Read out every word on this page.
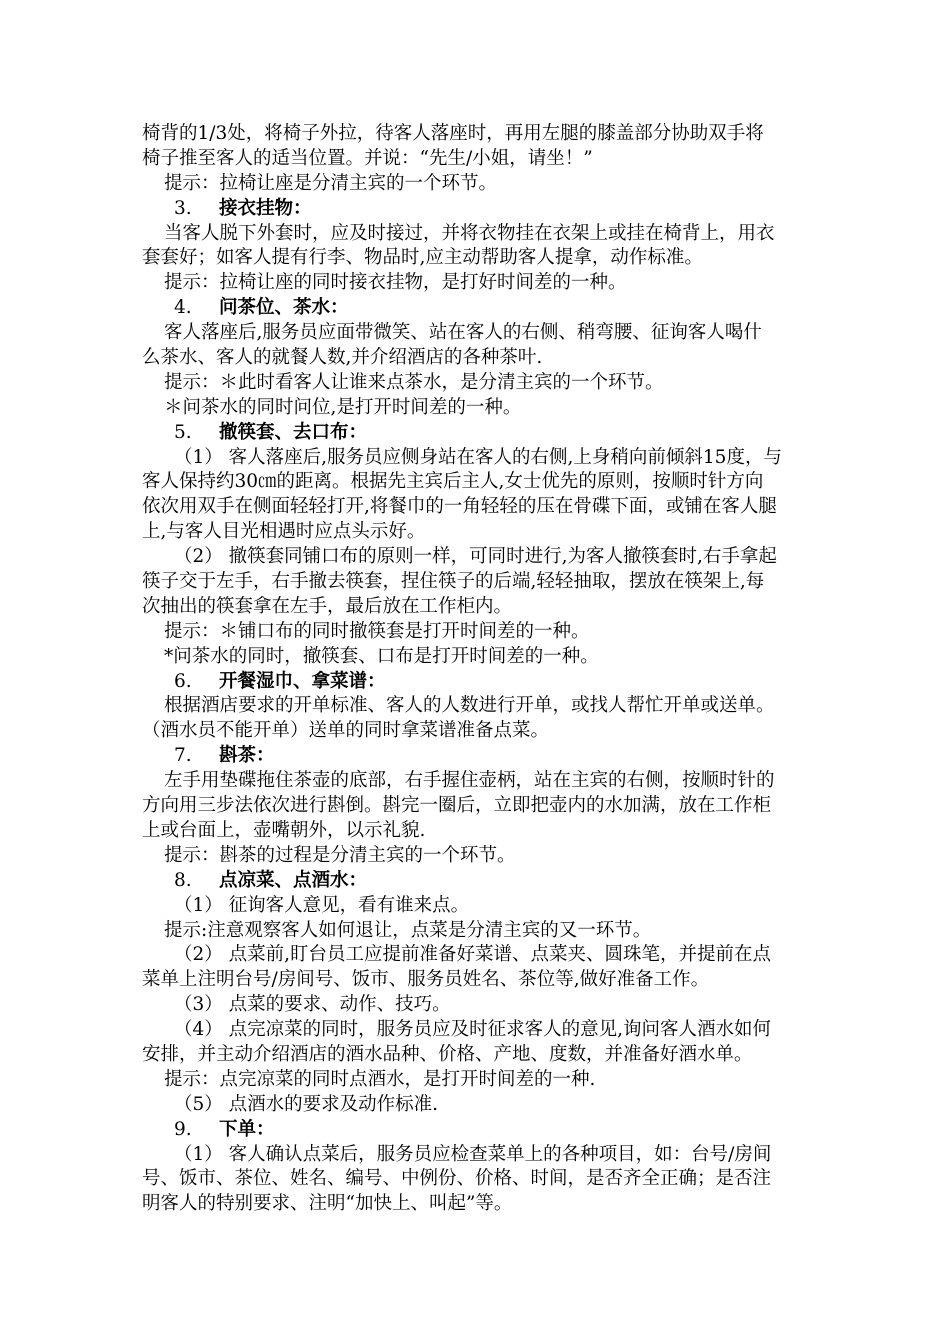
椅背的1/3处，将椅子外拉，待客人落座时，再用左腿的膝盖部分协助双手将
椅子推至客人的适当位置。并说：“先生/小姐，请坐！”
提示：拉椅让座是分清主宾的一个环节。
3. 接衣挂物：
当客人脱下外套时，应及时接过，并将衣物挂在衣架上或挂在椅背上，用衣
套套好；如客人提有行李、物品时,应主动帮助客人提拿，动作标准。
提示：拉椅让座的同时接衣挂物，是打好时间差的一种。
4. 问茶位、茶水：
客人落座后,服务员应面带微笑、站在客人的右侧、稍弯腰、征询客人喝什
么茶水、客人的就餐人数,并介绍酒店的各种茶叶.
提示：＊此时看客人让谁来点茶水，是分清主宾的一个环节。
＊问茶水的同时问位,是打开时间差的一种。
5. 撤筷套、去口布：
（1） 客人落座后,服务员应侧身站在客人的右侧,上身稍向前倾斜15度，与
客人保持约30㎝的距离。根据先主宾后主人,女士优先的原则，按顺时针方向
依次用双手在侧面轻轻打开,将餐巾的一角轻轻的压在骨碟下面，或铺在客人腿
上,与客人目光相遇时应点头示好。
（2） 撤筷套同铺口布的原则一样，可同时进行,为客人撤筷套时,右手拿起
筷子交于左手，右手撤去筷套，捏住筷子的后端,轻轻抽取，摆放在筷架上,每
次抽出的筷套拿在左手，最后放在工作柜内。
提示：＊铺口布的同时撤筷套是打开时间差的一种。
*问茶水的同时，撤筷套、口布是打开时间差的一种。
6. 开餐湿巾、拿菜谱：
根据酒店要求的开单标准、客人的人数进行开单，或找人帮忙开单或送单。
（酒水员不能开单）送单的同时拿菜谱准备点菜。
7. 斟茶：
左手用垫碟拖住茶壶的底部，右手握住壶柄，站在主宾的右侧，按顺时针的
方向用三步法依次进行斟倒。斟完一圈后，立即把壶内的水加满，放在工作柜
上或台面上，壶嘴朝外，以示礼貌.
提示：斟茶的过程是分清主宾的一个环节。
8. 点凉菜、点酒水：
（1） 征询客人意见，看有谁来点。
提示:注意观察客人如何退让，点菜是分清主宾的又一环节。
（2） 点菜前,盯台员工应提前准备好菜谱、点菜夹、圆珠笔，并提前在点
菜单上注明台号/房间号、饭市、服务员姓名、茶位等,做好准备工作。
（3） 点菜的要求、动作、技巧。
（4） 点完凉菜的同时，服务员应及时征求客人的意见,询问客人酒水如何
安排，并主动介绍酒店的酒水品种、价格、产地、度数，并准备好酒水单。
提示：点完凉菜的同时点酒水，是打开时间差的一种.
（5） 点酒水的要求及动作标准.
9. 下单：
（1） 客人确认点菜后，服务员应检查菜单上的各种项目，如：台号/房间
号、饭市、茶位、姓名、编号、中例份、价格、时间，是否齐全正确；是否注
明客人的特别要求、注明“加快上、叫起”等。
